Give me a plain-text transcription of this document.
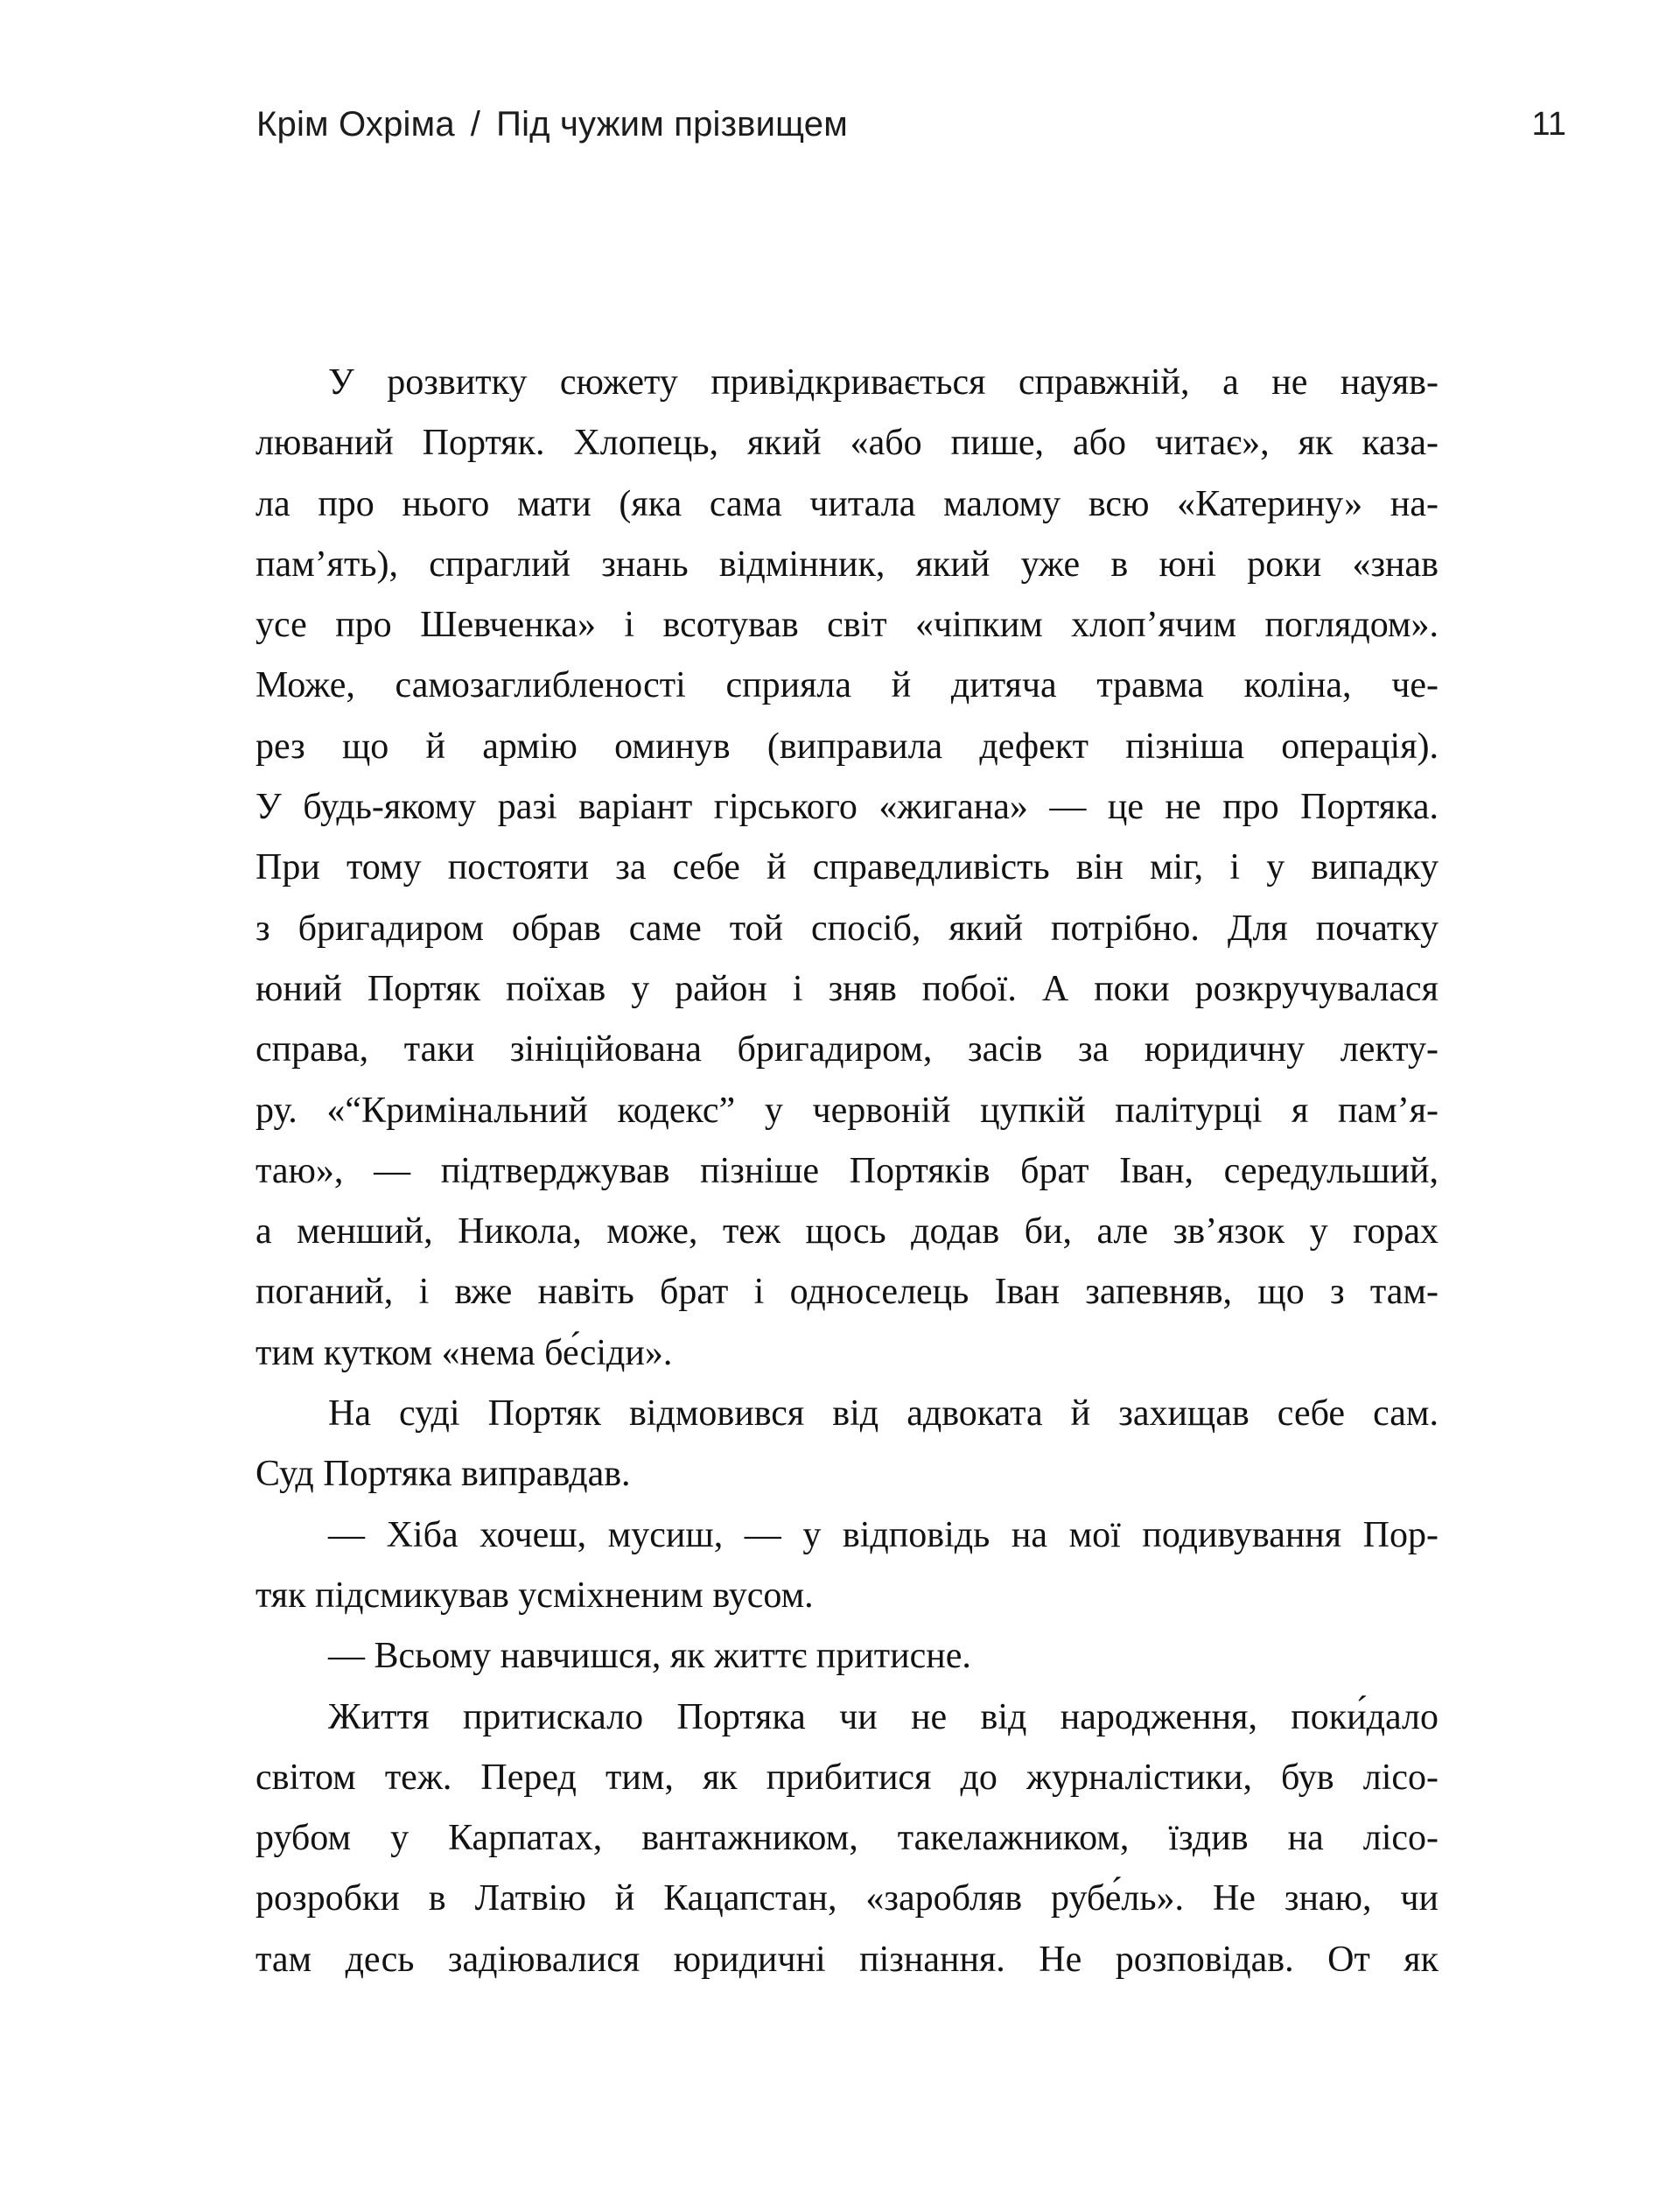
Крім Охріма / Під чужим прізвищем	11
У розвитку сюжету привідкривається справжній, а не науяв-
люваний Портяк. Хлопець, який «або пише, або читає», як каза-
ла про нього мати (яка сама читала малому всю «Катерину» на-
пам’ять), спраглий знань відмінник, який уже в юні роки «знав
усе про Шевченка» і всотував світ «чіпким хлоп’ячим поглядом».
Може, самозаглибленості сприяла й дитяча травма коліна, че-
рез що й армію оминув (виправила дефект пізніша операція).
У будь-якому разі варіант гірського «жигана» — це не про Портяка.
При тому постояти за себе й справедливість він міг, і у випадку
з бригадиром обрав саме той спосіб, який потрібно. Для початку
юний Портяк поїхав у район і зняв побої. А поки розкручувалася
справа, таки зініційована бригадиром, засів за юридичну лекту-
ру. «“Кримінальний кодекс” у червоній цупкій палітурці я пам’я-
таю», — підтверджував пізніше Портяків брат Іван, середульший,
а менший, Никола, може, теж щось додав би, але зв’язок у горах
поганий, і вже навіть брат і односелець Іван запевняв, що з там-
тим кутком «нема бе́сіди».
На суді Портяк відмовився від адвоката й захищав себе сам.
Суд Портяка виправдав.
— Хіба хочеш, мусиш, — у відповідь на мої подивування Пор-
тяк підсмикував усміхненим вусом.
— Всьому навчишся, як життє притисне.
Життя притискало Портяка чи не від народження, поки́дало
світом теж. Перед тим, як прибитися до журналістики, був лісо-
рубом у Карпатах, вантажником, такелажником, їздив на лісо-
розробки в Латвію й Кацапстан, «заробляв рубе́ль». Не знаю, чи
там десь задіювалися юридичні пізнання. Не розповідав. От як
